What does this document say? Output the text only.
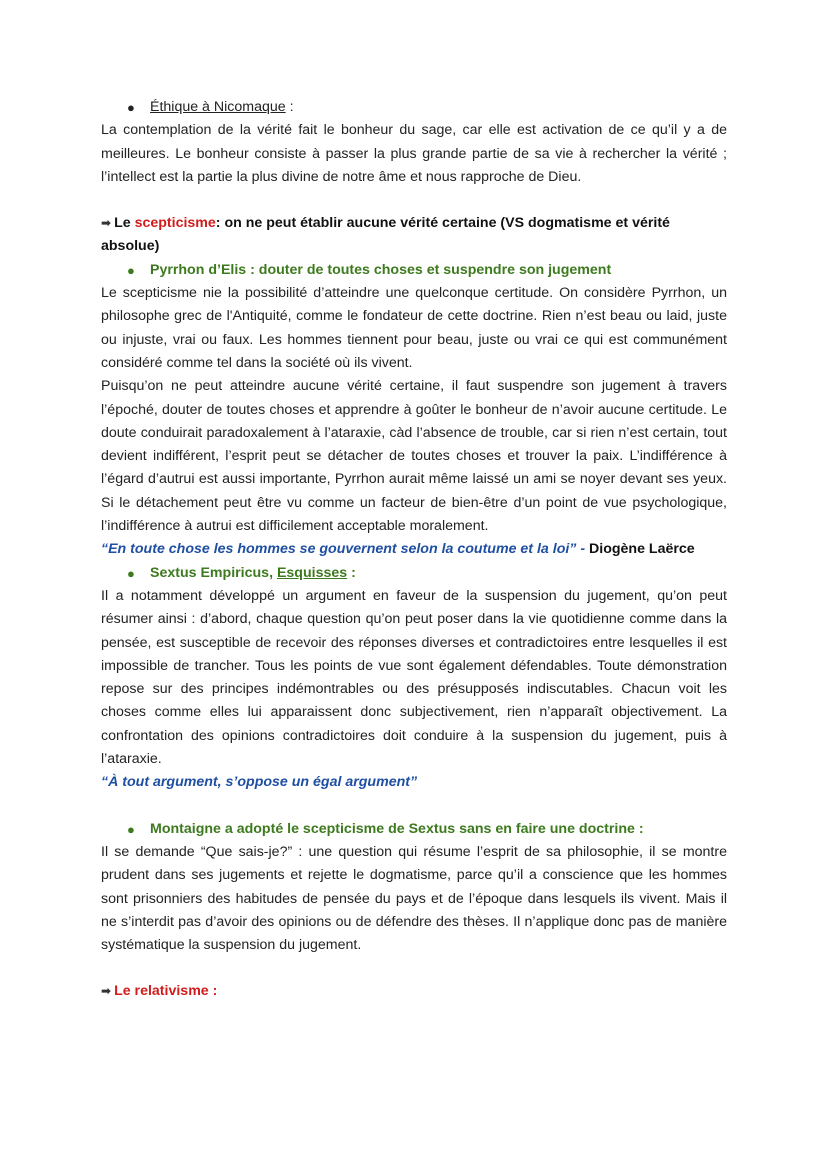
● Éthique à Nicomaque :
La contemplation de la vérité fait le bonheur du sage, car elle est activation de ce qu’il y a de meilleures. Le bonheur consiste à passer la plus grande partie de sa vie à rechercher la vérité ; l’intellect est la partie la plus divine de notre âme et nous rapproche de Dieu.
➡ Le scepticisme: on ne peut établir aucune vérité certaine (VS dogmatisme et vérité absolue)
● Pyrrhon d’Elis : douter de toutes choses et suspendre son jugement
Le scepticisme nie la possibilité d’atteindre une quelconque certitude. On considère Pyrrhon, un philosophe grec de l'Antiquité, comme le fondateur de cette doctrine. Rien n’est beau ou laid, juste ou injuste, vrai ou faux. Les hommes tiennent pour beau, juste ou vrai ce qui est communément considéré comme tel dans la société où ils vivent.
Puisqu’on ne peut atteindre aucune vérité certaine, il faut suspendre son jugement à travers l’époché, douter de toutes choses et apprendre à goûter le bonheur de n’avoir aucune certitude. Le doute conduirait paradoxalement à l’ataraxie, càd l’absence de trouble, car si rien n’est certain, tout devient indifférent, l’esprit peut se détacher de toutes choses et trouver la paix. L’indifférence à l’égard d’autrui est aussi importante, Pyrrhon aurait même laissé un ami se noyer devant ses yeux. Si le détachement peut être vu comme un facteur de bien-être d’un point de vue psychologique, l’indifférence à autrui est difficilement acceptable moralement.
“En toute chose les hommes se gouvernent selon la coutume et la loi” - Diogène Laërce
● Sextus Empiricus, Esquisses :
Il a notamment développé un argument en faveur de la suspension du jugement, qu’on peut résumer ainsi : d’abord, chaque question qu’on peut poser dans la vie quotidienne comme dans la pensée, est susceptible de recevoir des réponses diverses et contradictoires entre lesquelles il est impossible de trancher. Tous les points de vue sont également défendables. Toute démonstration repose sur des principes indémontrables ou des présupposés indiscutables. Chacun voit les choses comme elles lui apparaissent donc subjectivement, rien n’apparaît objectivement. La confrontation des opinions contradictoires doit conduire à la suspension du jugement, puis à l’ataraxie.
“À tout argument, s’oppose un égal argument”
● Montaigne a adopté le scepticisme de Sextus sans en faire une doctrine :
Il se demande “Que sais-je?” : une question qui résume l’esprit de sa philosophie, il se montre prudent dans ses jugements et rejette le dogmatisme, parce qu’il a conscience que les hommes sont prisonniers des habitudes de pensée du pays et de l’époque dans lesquels ils vivent. Mais il ne s’interdit pas d’avoir des opinions ou de défendre des thèses. Il n’applique donc pas de manière systématique la suspension du jugement.
➡ Le relativisme :
